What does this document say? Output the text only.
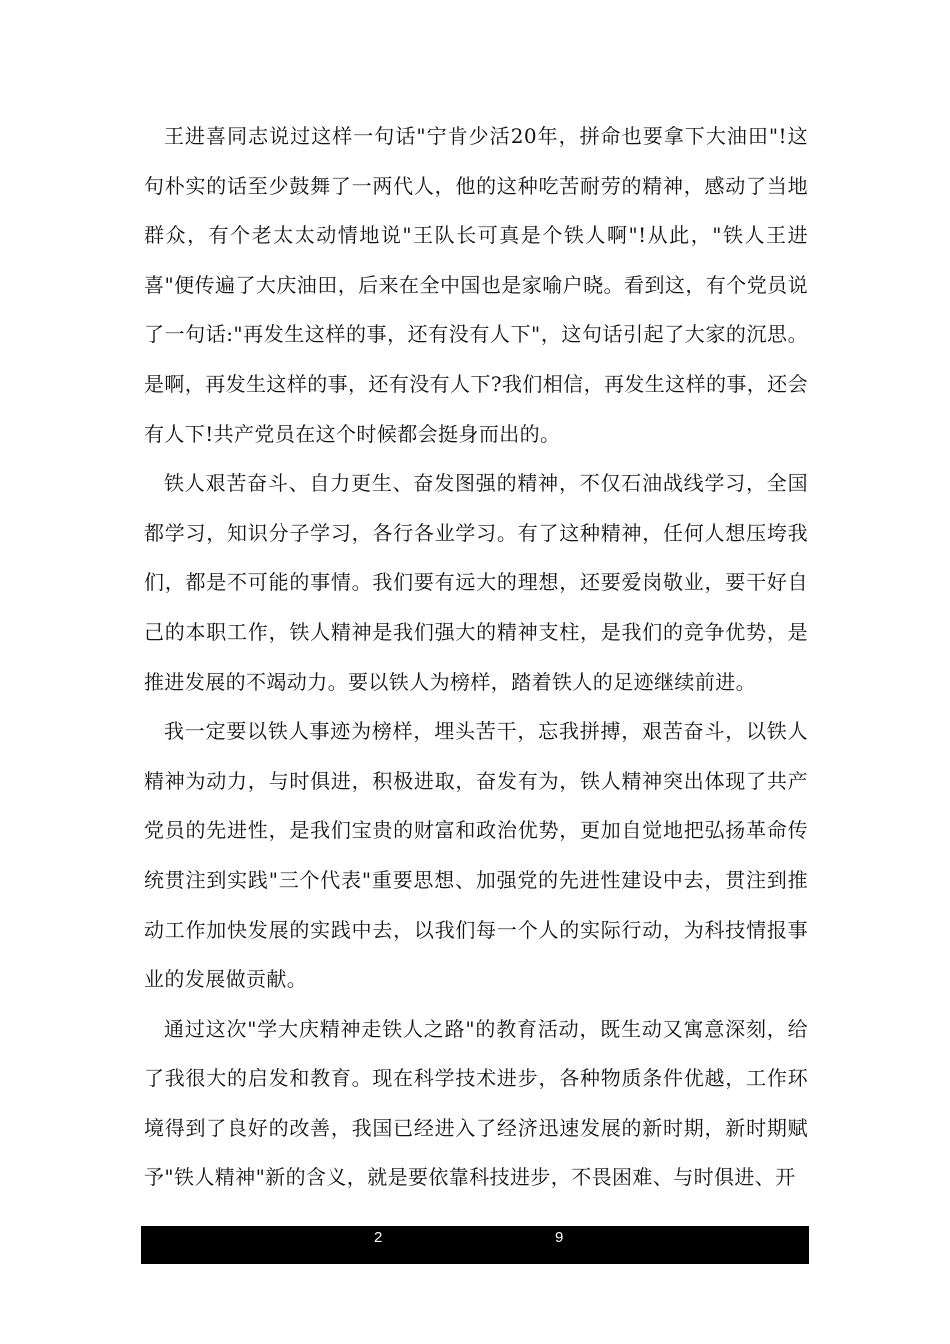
王进喜同志说过这样一句话"宁肯少活20年，拼命也要拿下大油田"!这句朴实的话至少鼓舞了一两代人，他的这种吃苦耐劳的精神，感动了当地群众，有个老太太动情地说"王队长可真是个铁人啊"!从此，"铁人王进喜"便传遍了大庆油田，后来在全中国也是家喻户晓。看到这，有个党员说了一句话:"再发生这样的事，还有没有人下"，这句话引起了大家的沉思。是啊，再发生这样的事，还有没有人下?我们相信，再发生这样的事，还会有人下!共产党员在这个时候都会挺身而出的。

铁人艰苦奋斗、自力更生、奋发图强的精神，不仅石油战线学习，全国都学习，知识分子学习，各行各业学习。有了这种精神，任何人想压垮我们，都是不可能的事情。我们要有远大的理想，还要爱岗敬业，要干好自己的本职工作，铁人精神是我们强大的精神支柱，是我们的竞争优势，是推进发展的不竭动力。要以铁人为榜样，踏着铁人的足迹继续前进。

我一定要以铁人事迹为榜样，埋头苦干，忘我拼搏，艰苦奋斗，以铁人精神为动力，与时俱进，积极进取，奋发有为，铁人精神突出体现了共产党员的先进性，是我们宝贵的财富和政治优势，更加自觉地把弘扬革命传统贯注到实践"三个代表"重要思想、加强党的先进性建设中去，贯注到推动工作加快发展的实践中去，以我们每一个人的实际行动，为科技情报事业的发展做贡献。

通过这次"学大庆精神走铁人之路"的教育活动，既生动又寓意深刻，给了我很大的启发和教育。现在科学技术进步，各种物质条件优越，工作环境得到了良好的改善，我国已经进入了经济迅速发展的新时期，新时期赋予"铁人精神"新的含义，就是要依靠科技进步，不畏困难、与时俱进、开

2	9
